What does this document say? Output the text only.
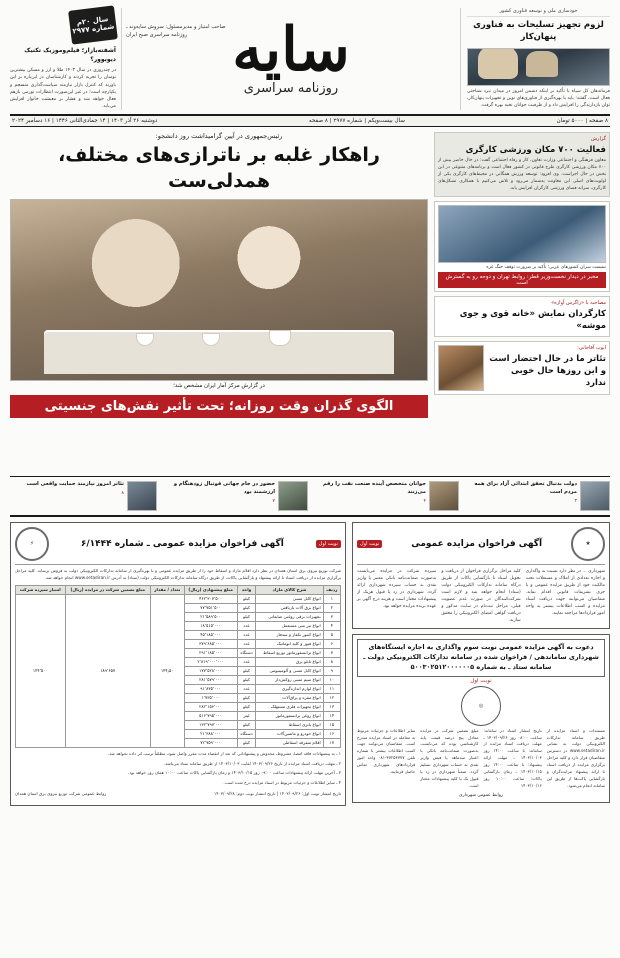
خودسازی ملی و توسعه فناوری کشور
لزوم تجهیز تسلیحات به فناوری پنهان‌کار
فرماندهان کل سپاه با تأکید بر اینکه دشمن امروز در میدان نبرد شناختی فعال است، گفتند: باید با بهره‌گیری از فناوری‌های نوین و تجهیزات پنهان‌کار، توان بازدارندگی را افزایش داد و از ظرفیت جوانان نخبه بهره گرفت.
صاحب امتیاز و مدیرمسئول: سروش سایه‌وند ـ روزنامه سراسری صبح ایران سایه
روزنامه سراسری
سال ۲۰م شماره ۲۹۷۷
آشفته‌بازار؛ فیلم‌وموزیک تکنیک دیوبوور؟
در چندروزی در سال ۱۴۰۳ طلا و ارز و مسکن بیشترین نوسان را تجربه کردند و کارشناسان در این‌باره بر این باورند که کنترل بازار نیازمند سیاست‌گذاری منسجم و یکپارچه است؛ در غیر این‌صورت انتظارات تورمی بازهم فعال خواهد شد و فشار بر معیشت خانوار افزایش می‌یابد.
۸ صفحه | ۵۰۰۰ تومان
سال بیست‌ویکم | شماره ۲۹۷۷ | ۸ صفحه
دوشنبه ۲۶ آذر ۱۴۰۳ | ۱۴ جمادی‌الثانی ۱۴۴۶ | ۱۶ دسامبر ۲۰۲۴
گزارش
فعالیت ۷۰۰ مکان ورزشی کارگری
معاون فرهنگی و اجتماعی وزارت تعاون، کار و رفاه اجتماعی گفت: در حال حاضر بیش از ۷۰۰ مکان ورزشی کارگری طرح قانونی در کشور فعال است و برنامه‌های متنوعی در این بخش در حال اجراست. وی افزود: توسعه ورزش همگانی در محیط‌های کارگری یکی از اولویت‌های اصلی این معاونت به‌شمار می‌رود و تلاش می‌کنیم با همکاری تشکل‌های کارگری، سرانه فضای ورزشی کارگران افزایش یابد.
نشست سران کشورهای عربی؛ تأکید بر ضرورت توقف جنگ غزه
مخبر در دیدار نخست‌وزیر قطر: روابط تهران و دوحه رو به گسترش است
مصاحبه با «زاگرس آوازه»
کارگردان نمایش «خانه قوی و جوی موشه»
ایوب آقاخانی:
تئاتر ما در حال احتضار است و این روزها حال خوبی ندارد
رئیس‌جمهوری در آیین گرامیداشت روز دانشجو:
راهکار غلبه بر ناترازی‌های مختلف، همدلی‌ست
در گزارش مرکز آمار ایران مشخص شد؛
الگوی گذران وقت روزانه؛ تحت تأثیر نقش‌های جنسیتی
دولت بدنبال تحقق ابتدائی آزاد برای همه مردم است
۳
جوانان متخصص آینده صنعت نفت را رقم می‌زنند
۴
حضور در جام جهانی فوتبال زودهنگام و ارزشمند بود
۷
تئاتر امروز نیازمند حمایت واقعی است
۸
★
آگهی فراخوان مزایده عمومی
نوبت اول
شهرداری ... در نظر دارد نسبت به واگذاری و اجاره تعدادی از املاک و مستغلات تحت مالکیت خود از طریق مزایده عمومی و با جری تشریفات قانونی اقدام نماید. متقاضیان می‌توانند جهت دریافت اسناد مزایده و کسب اطلاعات بیشتر به واحد امور قراردادها مراجعه نمایند.
کلیه مراحل برگزاری فراخوان از دریافت و تحویل اسناد تا بازگشایی پاکات از طریق درگاه سامانه تدارکات الکترونیکی دولت (ستاد) انجام خواهد شد و لازم است شرکت‌کنندگان در صورت عدم عضویت قبلی، مراحل ثبت‌نام در سایت مذکور و دریافت گواهی امضای الکترونیکی را محقق سازند.
سپرده شرکت در مزایده می‌بایست به‌صورت ضمانت‌نامه بانکی معتبر یا واریز نقدی به حساب سپرده شهرداری ارائه گردد. شهرداری در رد یا قبول هریک از پیشنهادات مختار است و هزینه درج آگهی بر عهده برنده مزایده خواهد بود.
دعوت به آگهی مزایده عمومی نوبت سوم واگذاری به اجاره ایستگاه‌های شهرداری ساماندهی / فراخوان شده در سامانه تدارکات الکترونیکی دولت ـ سامانه ستاد ـ به شماره ۵۰۰۳۰۲۵۱۲۰۰۰۰۰۰۵
نوبت اول
◎
مستندات و اسناد مزایده از طریق سامانه تدارکات الکترونیکی دولت به نشانی www.setadiran.ir در دسترس متقاضیان قرار دارد و کلیه مراحل برگزاری مزایده از دریافت اسناد تا ارائه پیشنهاد مزایده‌گران و بازگشایی پاکت‌ها از طریق این سامانه انجام می‌شود.
تاریخ انتشار اسناد در سامانه: ساعت ۰۸:۰۰ روز ۱۴۰۳/۰۹/۲۶ ـ مهلت دریافت اسناد مزایده از سامانه: تا ساعت ۱۴:۰۰ روز ۱۴۰۳/۱۰/۰۳ ـ مهلت ارائه پیشنهاد: تا ساعت ۱۴:۰۰ روز ۱۴۰۳/۱۰/۱۵ ـ زمان بازگشایی پاکات: ساعت ۱۰:۰۰ روز ۱۴۰۳/۱۰/۱۶
مبلغ تضمین شرکت در مزایده معادل پنج درصد قیمت پایه کارشناسی بوده که می‌بایست به‌صورت ضمانت‌نامه بانکی با اعتبار سه‌ماهه یا فیش واریز نقدی به حساب شهرداری تسلیم گردد. ضمناً شهرداری در رد یا قبول یک یا کلیه پیشنهادات مختار است.
سایر اطلاعات و جزئیات مربوط به معامله در اسناد مزایده مندرج است. متقاضیان می‌توانند جهت کسب اطلاعات بیشتر با شماره تلفن ۳۷۲۵۳۷۷۷-۰۸۱ واحد امور قراردادهای شهرداری تماس حاصل فرمایند.
روابط عمومی شهرداری
نوبت اول
آگهی فراخوان مزایده عمومی ـ شماره ۶/۱۴۴۴
⚡
شرکت توزیع نیروی برق استان همدان در نظر دارد اقلام مازاد و اسقاط خود را از طریق مزایده عمومی و با بهره‌گیری از سامانه تدارکات الکترونیکی دولت به فروش برساند. کلیه مراحل برگزاری مزایده از دریافت اسناد تا ارائه پیشنهاد و بازگشایی پاکات، از طریق درگاه سامانه تدارکات الکترونیکی دولت (ستاد) به آدرس www.setadiran.ir انجام خواهد شد.
ردیف	شرح کالای مازاد	واحد	مبلغ پیشنهادی (ریال)	تعداد / مقدار	مبلغ تضمین شرکت در مزایده (ریال)	امتیاز سپرده شرکت
۱	انواع کابل مسی	کیلو	۴۶۲٬۳۰۷٬۵۰۰	۱۴۴٫۵۰	۱۸۹٬۶۵۷	۱۴۴٬۵۰۰
۲	انواع برق آلات بازیافتی	کیلو	۷۷٬۷۵۱٬۵۰۰			
۳	تجهیزات برقی روغنی ضایعاتی	کیلو	۲۱٬۵۸۹٬۵۰۰			
۴	انواع تیر بتنی مستعمل	عدد	۱۸٬۵۱۵٬۰۰۰			
۵	انواع کنتور تکفاز و سه‌فاز	عدد	۴۵٬۱۸۵٬۰۰۰			
۶	انواع فیوز و کلید اتوماتیک	عدد	۳۷۹٬۶۸۵٬۰۰۰			
۷	انواع ترانسفورماتور توزیع اسقاط	دستگاه	۲۹۱٬۱۸۵٬۰۰۰			
۸	انواع تابلو برق	عدد	۲٬۸۱۹٬۰۰۰٬۰۰۰			
۹	انواع کابل مسی و آلومینیومی	کیلو	۱۷۷٬۵۲۸٬۰۰۰			
۱۰	انواع سیم مسی روکش‌دار	کیلو	۲۸۱٬۵۷۹٬۰۰۰			
۱۱	انواع لوازم اندازه‌گیری	عدد	۹۱٬۸۳۵٬۰۰۰			
۱۲	انواع مقره و یراق‌آلات	کیلو	۱٬۷۳۵٬۰۰۰			
۱۳	انواع تجهیزات فلزی مستهلک	کیلو	۲۸۲٬۱۵۶٬۰۰۰			
۱۴	انواع روغن ترانسفورماتور	لیتر	۵۱۶٬۷۹۵٬۰۰۰			
۱۵	انواع باتری اسقاط	کیلو	۱۳۲٬۷۹۷٬۰۰۰			
۱۶	انواع خودرو و ماشین‌آلات	دستگاه	۲۱٬۳۸۸٬۰۰۰			
۱۷	اقلام متفرقه اسقاطی	کیلو	۷۲٬۷۵۹٬۰۰۰			
۱ ـ به پیشنهادات فاقد امضا، مشروط، مخدوش و پیشنهاداتی که بعد از انقضاء مدت مقرر واصل شود، مطلقاً ترتیب اثر داده نخواهد شد.
۲ ـ مهلت دریافت اسناد مزایده از تاریخ ۱۴۰۳/۰۹/۲۶ لغایت ۱۴۰۳/۱۰/۰۳ از طریق سامانه ستاد می‌باشد.
۳ ـ آخرین مهلت ارائه پیشنهادات ساعت ۰۹:۰۰ روز ۱۴۰۳/۱۰/۱۵ و زمان بازگشایی پاکات ساعت ۱۰:۰۰ همان روز خواهد بود.
۴ ـ سایر اطلاعات و جزئیات مربوط در اسناد مزایده درج شده است.
تاریخ انتشار نوبت اول: ۱۴۰۳/۰۹/۲۶ | تاریخ انتشار نوبت دوم: ۱۴۰۳/۰۹/۲۸
روابط عمومی شرکت توزیع نیروی برق استان همدان
